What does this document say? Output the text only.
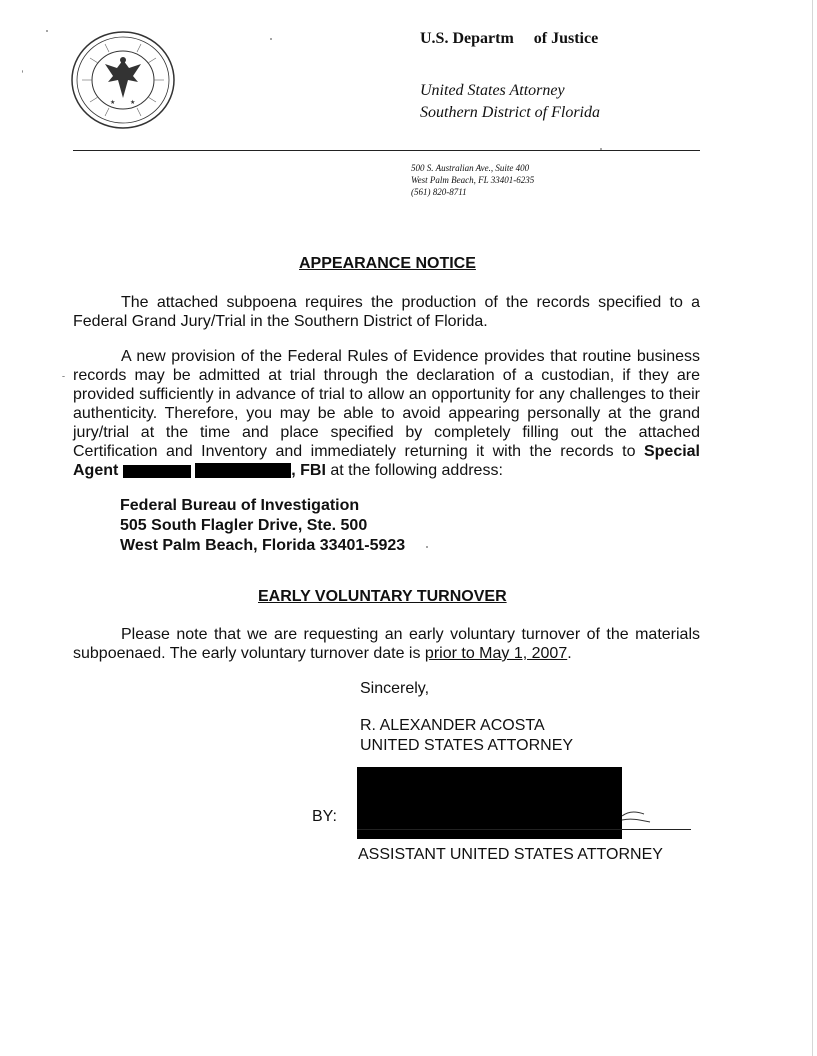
★ ★
U.S. Departm     of Justice
United States Attorney
Southern District of Florida
500 S. Australian Ave., Suite 400
West Palm Beach, FL 33401-6235
(561) 820-8711
APPEARANCE NOTICE
The attached subpoena requires the production of the records specified to a Federal Grand Jury/Trial in the Southern District of Florida.
A new provision of the Federal Rules of Evidence provides that routine business records may be admitted at trial through the declaration of a custodian, if they are provided sufficiently in advance of trial to allow an opportunity for any challenges to their authenticity. Therefore, you may be able to avoid appearing personally at the grand jury/trial at the time and place specified by completely filling out the attached Certification and Inventory and immediately returning it with the records to Special Agent	, FBI at the following address:
Federal Bureau of Investigation
505 South Flagler Drive, Ste. 500
West Palm Beach, Florida 33401-5923
EARLY VOLUNTARY TURNOVER
Please note that we are requesting an early voluntary turnover of the materials subpoenaed. The early voluntary turnover date is prior to May 1, 2007.
Sincerely,
R. ALEXANDER ACOSTA
UNITED STATES ATTORNEY
BY:
ASSISTANT UNITED STATES ATTORNEY
